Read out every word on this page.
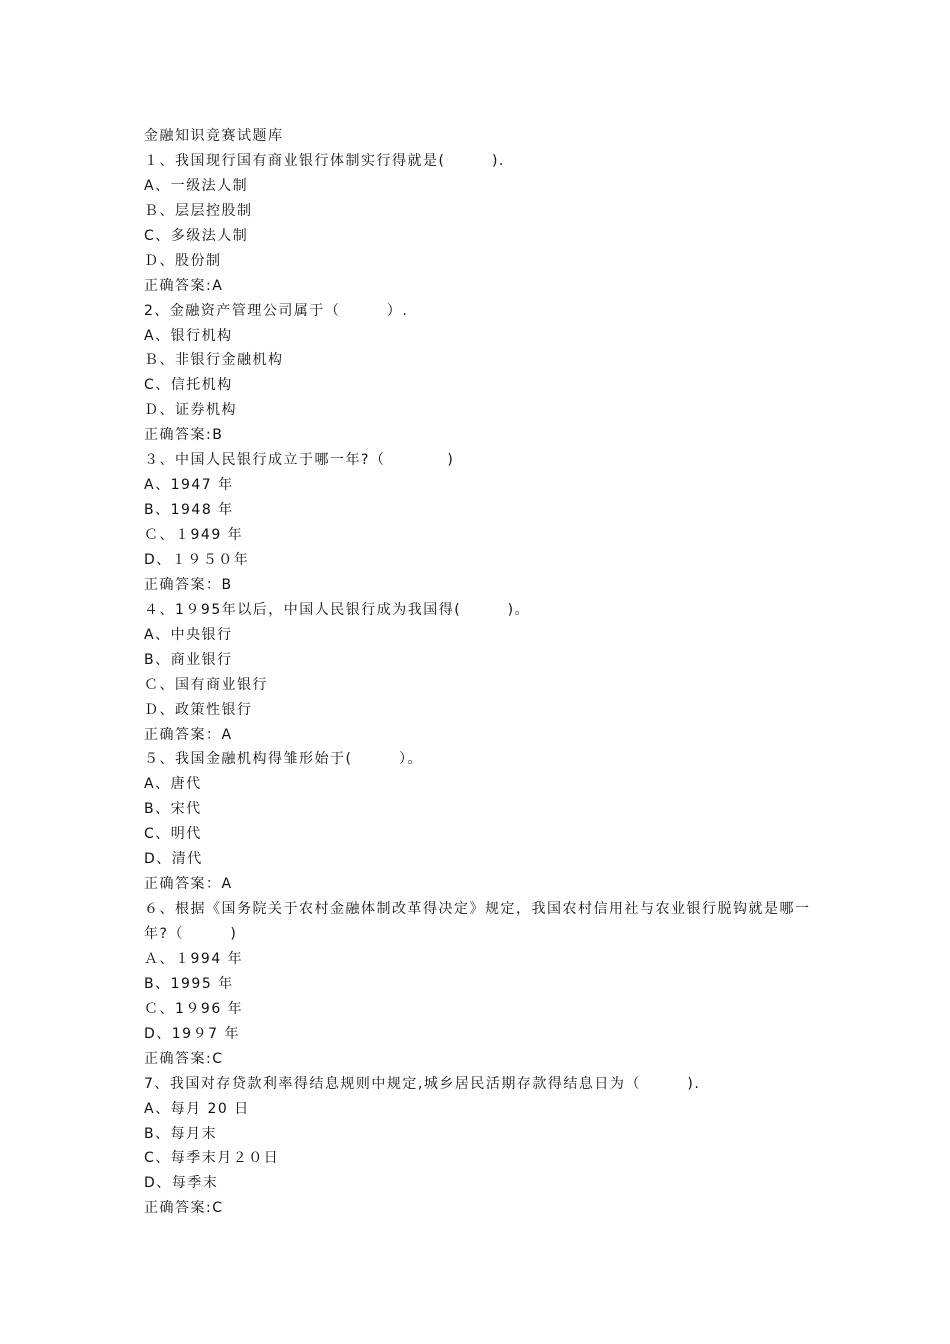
金融知识竞赛试题库
１、我国现行国有商业银行体制实行得就是(　　　).
A、一级法人制
Ｂ、层层控股制
C、多级法人制
Ｄ、股份制
正确答案:A
2、金融资产管理公司属于（　　　）.
A、银行机构
Ｂ、非银行金融机构
C、信托机构
Ｄ、证券机构
正确答案:B
３、中国人民银行成立于哪一年?（　　　　)
A、1947 年
B、1948 年
Ｃ、１949 年
D、１９５０年
正确答案：B
４、1９95年以后，中国人民银行成为我国得(　　　)。
A、中央银行
B、商业银行
Ｃ、国有商业银行
Ｄ、政策性银行
正确答案：A
５、我国金融机构得雏形始于(　　　）。
A、唐代
B、宋代
C、明代
D、清代
正确答案：A
６、根据《国务院关于农村金融体制改革得决定》规定，我国农村信用社与农业银行脱钩就是哪一年?（　　　)
Ａ、１994 年
B、1995 年
Ｃ、1９96 年
D、19９7 年
正确答案:C
7、我国对存贷款利率得结息规则中规定,城乡居民活期存款得结息日为（　　　).
A、每月 20 日
B、每月末
C、每季末月２０日
D、每季末
正确答案:C
